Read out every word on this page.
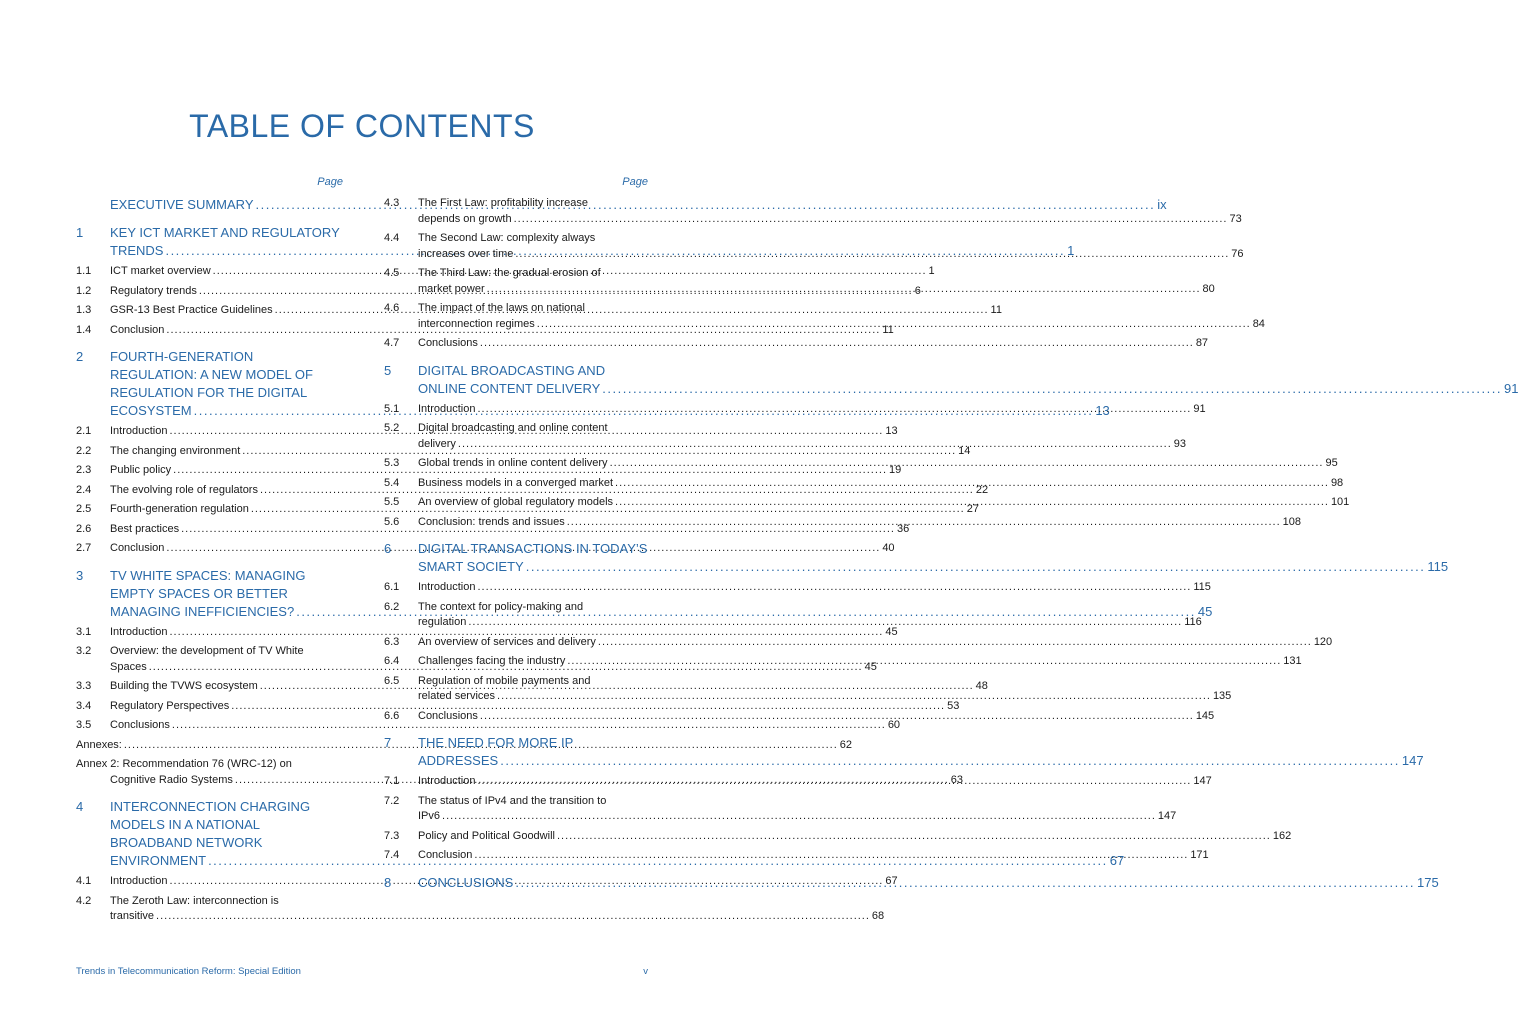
TABLE OF CONTENTS
Page
EXECUTIVE SUMMARY .....	ix
1	KEY ICT MARKET AND REGULATORY
TRENDS .....	1
1.1	ICT market overview .....	1
1.2	Regulatory trends .....	6
1.3	GSR-13 Best Practice Guidelines .....	11
1.4	Conclusion .....	11
2	FOURTH-GENERATION
REGULATION: A NEW MODEL OF
REGULATION FOR THE DIGITAL
ECOSYSTEM .....	13
2.1	Introduction .....	13
2.2	The changing environment .....	14
2.3	Public policy .....	19
2.4	The evolving role of regulators .....	22
2.5	Fourth-generation regulation .....	27
2.6	Best practices .....	36
2.7	Conclusion .....	40
3	TV WHITE SPACES: MANAGING
EMPTY SPACES OR BETTER
MANAGING INEFFICIENCIES? .....	45
3.1	Introduction .....	45
3.2	Overview: the development of TV White
Spaces .....	45
3.3	Building the TVWS ecosystem .....	48
3.4	Regulatory Perspectives .....	53
3.5	Conclusions .....	60
Annexes: .....	62
Annex 2: Recommendation 76 (WRC-12) on
Cognitive Radio Systems .....	63
4	INTERCONNECTION CHARGING
MODELS IN A NATIONAL
BROADBAND NETWORK
ENVIRONMENT .....	67
4.1	Introduction .....	67
4.2	The Zeroth Law: interconnection is
transitive .....	68
Page
4.3	The First Law: profitability increase
depends on growth .....	73
4.4	The Second Law: complexity always
increases over time .....	76
4.5	The Third Law: the gradual erosion of
market power .....	80
4.6	The impact of the laws on national
interconnection regimes .....	84
4.7	Conclusions .....	87
5	DIGITAL BROADCASTING AND
ONLINE CONTENT DELIVERY .....	91
5.1	Introduction .....	91
5.2	Digital broadcasting and online content
delivery .....	93
5.3	Global trends in online content delivery .....	95
5.4	Business models in a converged market .....	98
5.5	An overview of global regulatory models .....	101
5.6	Conclusion: trends and issues .....	108
6	DIGITAL TRANSACTIONS IN TODAY’S
SMART SOCIETY .....	115
6.1	Introduction .....	115
6.2	The context for policy-making and
regulation .....	116
6.3	An overview of services and delivery .....	120
6.4	Challenges facing the industry .....	131
6.5	Regulation of mobile payments and
related services .....	135
6.6	Conclusions .....	145
7	THE NEED FOR MORE IP
ADDRESSES .....	147
7.1	Introduction .....	147
7.2	The status of IPv4 and the transition to
IPv6 .....	147
7.3	Policy and Political Goodwill .....	162
7.4	Conclusion .....	171
8	CONCLUSIONS .....	175
Trends in Telecommunication Reform: Special Edition	v
